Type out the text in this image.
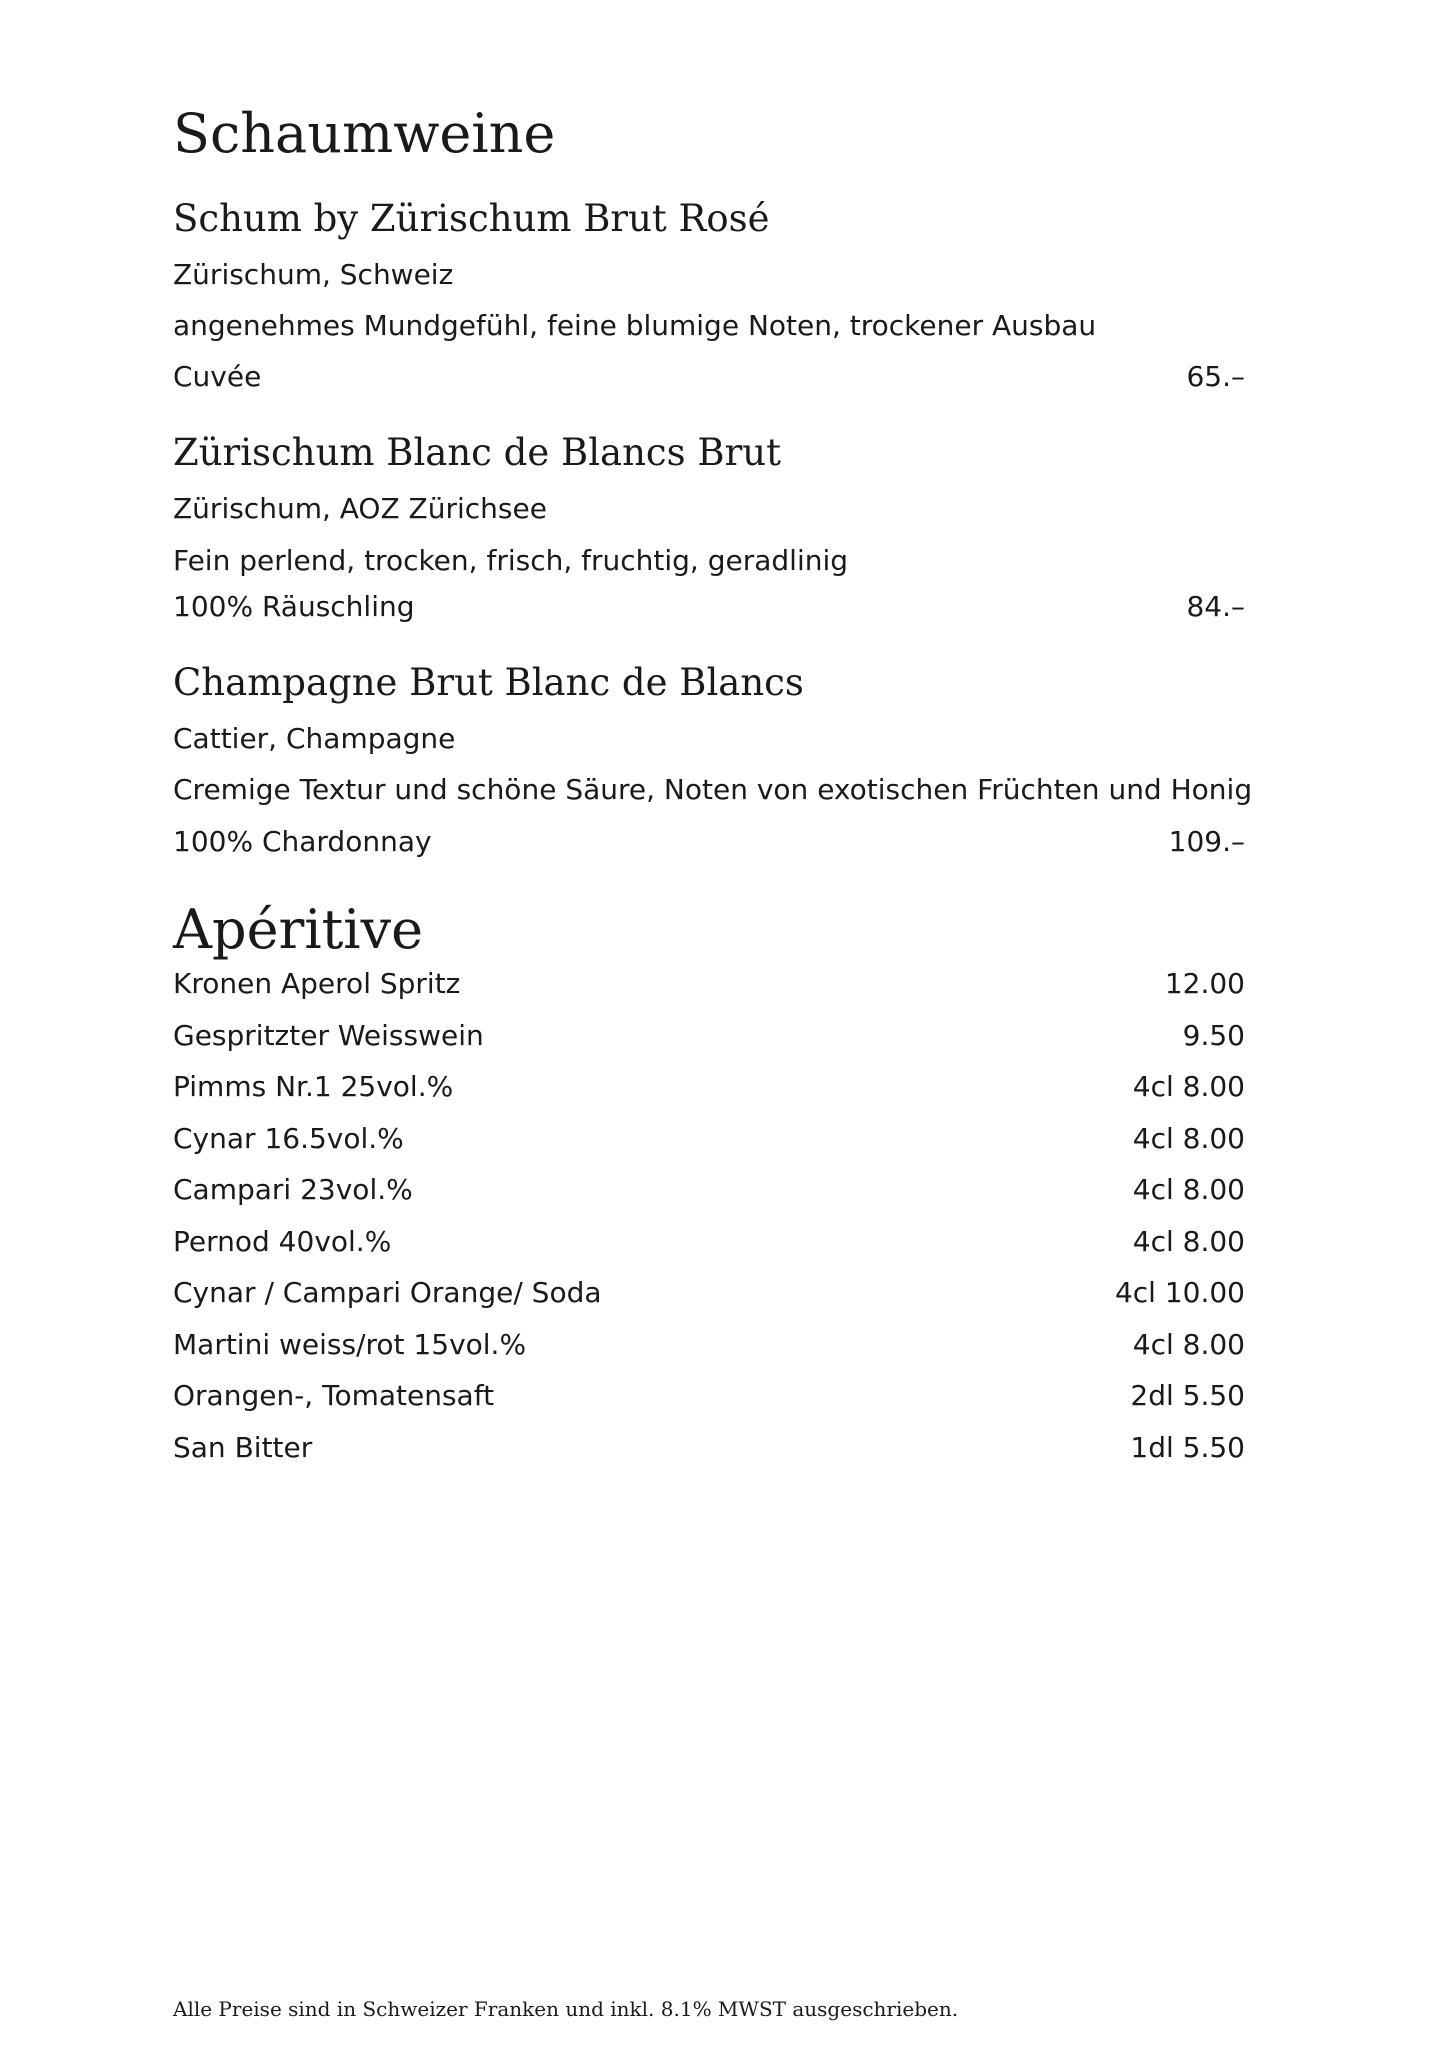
Schaumweine
Schum by Zürischum Brut Rosé
Zürischum, Schweiz
angenehmes Mundgefühl, feine blumige Noten, trockener Ausbau
Cuvée	65.–
Zürischum Blanc de Blancs Brut
Zürischum, AOZ Zürichsee
Fein perlend, trocken, frisch, fruchtig, geradlinig
100% Räuschling	84.–
Champagne Brut Blanc de Blancs
Cattier, Champagne
Cremige Textur und schöne Säure, Noten von exotischen Früchten und Honig
100% Chardonnay	109.–
Apéritive
Kronen Aperol Spritz	12.00
Gespritzter Weisswein	9.50
Pimms Nr.1 25vol.%	4cl 8.00
Cynar 16.5vol.%	4cl 8.00
Campari 23vol.%	4cl 8.00
Pernod 40vol.%	4cl 8.00
Cynar / Campari Orange/ Soda	4cl 10.00
Martini weiss/rot 15vol.%	4cl 8.00
Orangen-, Tomatensaft	2dl 5.50
San Bitter	1dl 5.50
Alle Preise sind in Schweizer Franken und inkl. 8.1% MWST ausgeschrieben.
